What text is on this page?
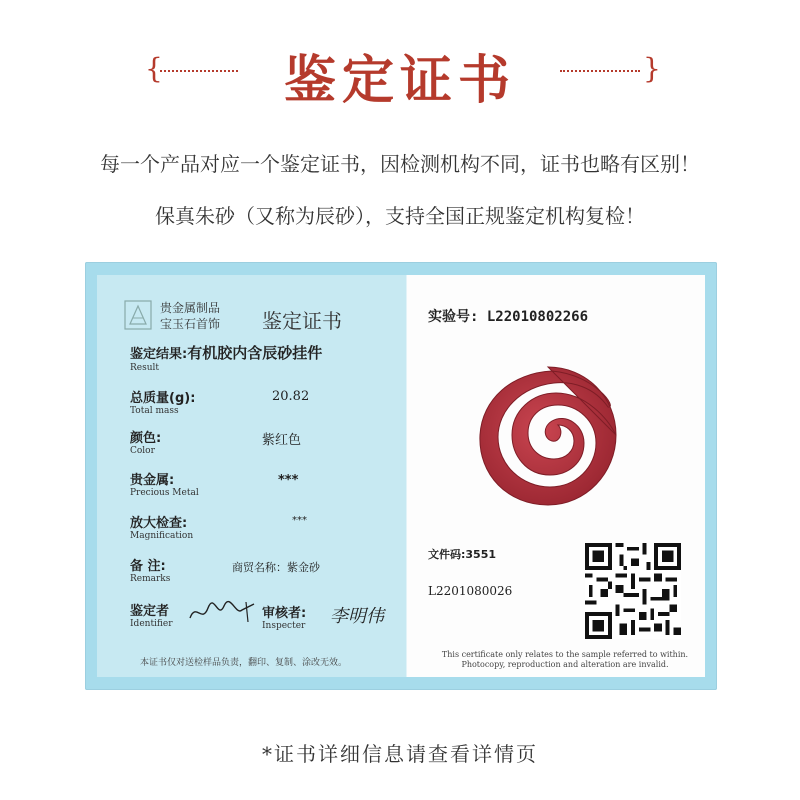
{	鉴定证书	}
每一个产品对应一个鉴定证书，因检测机构不同，证书也略有区别！
保真朱砂（又称为辰砂），支持全国正规鉴定机构复检！
贵金属制品
宝玉石首饰 鉴定证书
鉴定结果:有机胶内含辰砂挂件
Result
总质量(g):
Total mass
20.82
颜色:
Color
紫红色
贵金属:
Precious Metal
***
放大检查:
Magnification
***
备 注:
Remarks
商贸名称：紫金砂
鉴定者
Identifier
审核者:
Inspecter 李明伟
本证书仅对送检样品负责，翻印、复制、涂改无效。
实验号: L22010802266
文件码:3551
L2201080026
This certificate only relates to the sample referred to within.
Photocopy, reproduction and alteration are invalid.
*证书详细信息请查看详情页
